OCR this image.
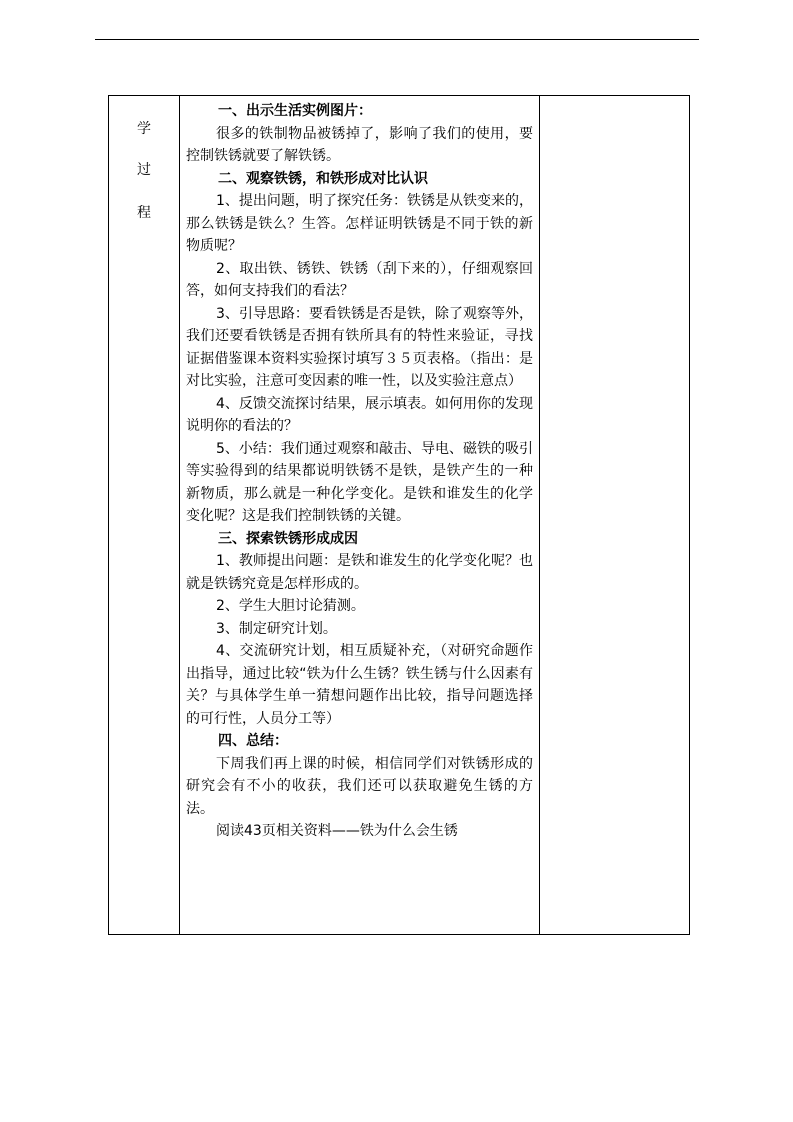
学
过
程

一、出示生活实例图片：

很多的铁制物品被锈掉了，影响了我们的使用，要控制铁锈就要了解铁锈。

二、观察铁锈，和铁形成对比认识

1、提出问题，明了探究任务：铁锈是从铁变来的，那么铁锈是铁么？生答。怎样证明铁锈是不同于铁的新物质呢？

2、取出铁、锈铁、铁锈（刮下来的），仔细观察回答，如何支持我们的看法？

3、引导思路：要看铁锈是否是铁，除了观察等外，我们还要看铁锈是否拥有铁所具有的特性来验证，寻找证据借鉴课本资料实验探讨填写３５页表格。（指出：是对比实验，注意可变因素的唯一性，以及实验注意点）

4、反馈交流探讨结果，展示填表。如何用你的发现说明你的看法的？

5、小结：我们通过观察和敲击、导电、磁铁的吸引等实验得到的结果都说明铁锈不是铁，是铁产生的一种新物质，那么就是一种化学变化。是铁和谁发生的化学变化呢？这是我们控制铁锈的关键。

三、探索铁锈形成成因

1、教师提出问题：是铁和谁发生的化学变化呢？也就是铁锈究竟是怎样形成的。

2、学生大胆讨论猜测。

3、制定研究计划。

4、交流研究计划，相互质疑补充，（对研究命题作出指导，通过比较“铁为什么生锈？铁生锈与什么因素有关？与具体学生单一猜想问题作出比较，指导问题选择的可行性，人员分工等）

四、总结：

下周我们再上课的时候，相信同学们对铁锈形成的研究会有不小的收获，我们还可以获取避免生锈的方法。

阅读43页相关资料——铁为什么会生锈
